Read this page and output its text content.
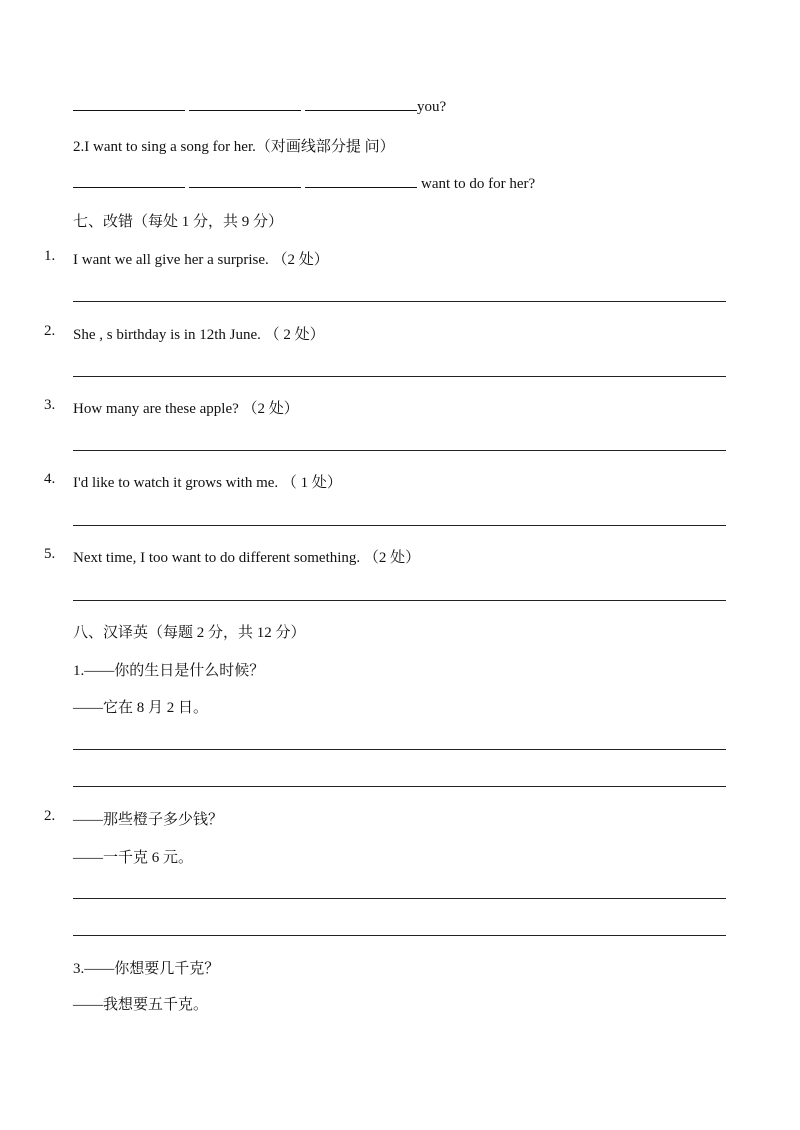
you?
2.I want to sing a song for her.（对画线部分提 问）
want to do for her?
七、改错（每处 1 分，共 9 分）
1. I want we all give her a surprise. （2 处）
2. She , s birthday is in 12th June. （ 2 处）
3. How many are these apple? （2 处）
4. I'd like to watch it grows with me. （ 1 处）
5. Next time, I too want to do different something. （2 处）
八、汉译英（每题 2 分，共 12 分）
1.——你的生日是什么时候？
——它在 8 月 2 日。
2. ——那些橙子多少钱？
——一千克 6 元。
3.——你想要几千克？
——我想要五千克。
